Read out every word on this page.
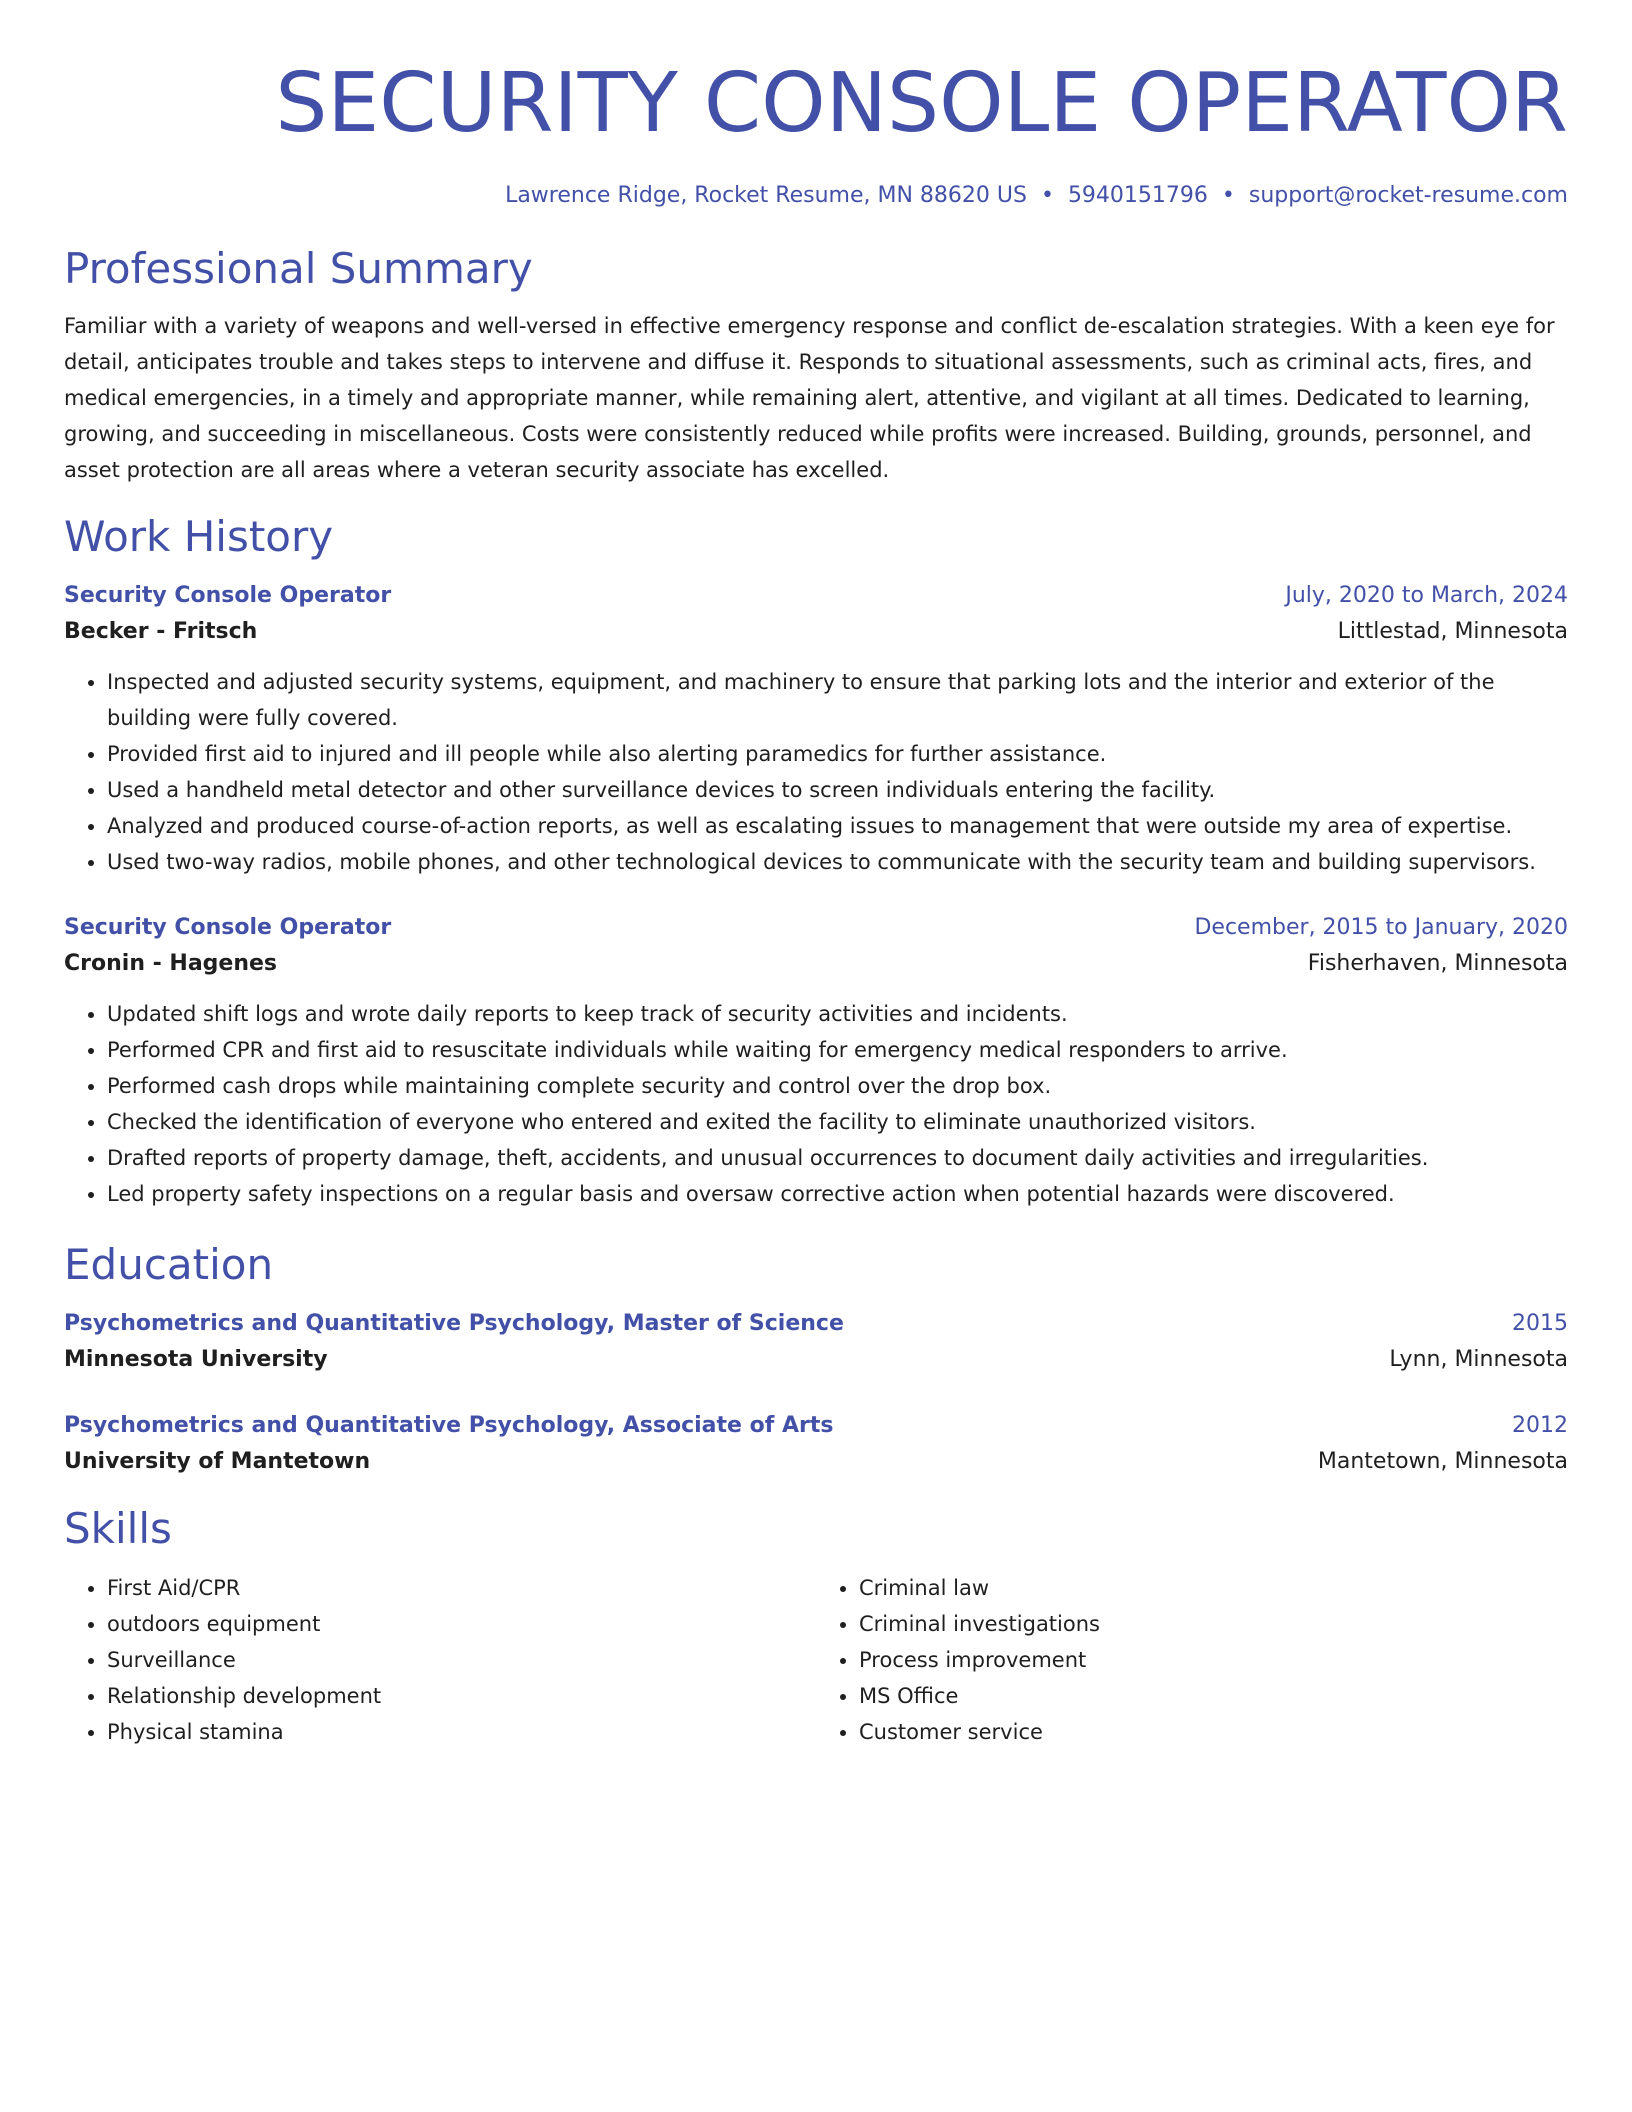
SECURITY CONSOLE OPERATOR
Lawrence Ridge, Rocket Resume, MN 88620 US • 5940151796 • support@rocket-resume.com
Professional Summary

Familiar with a variety of weapons and well-versed in effective emergency response and conflict de-escalation strategies. With a keen eye for detail, anticipates trouble and takes steps to intervene and diffuse it. Responds to situational assessments, such as criminal acts, fires, and medical emergencies, in a timely and appropriate manner, while remaining alert, attentive, and vigilant at all times. Dedicated to learning, growing, and succeeding in miscellaneous. Costs were consistently reduced while profits were increased. Building, grounds, personnel, and asset protection are all areas where a veteran security associate has excelled.

Work History
Security Console Operator	July, 2020 to March, 2024
Becker - Fritsch	Littlestad, Minnesota
• Inspected and adjusted security systems, equipment, and machinery to ensure that parking lots and the interior and exterior of the building were fully covered.
• Provided first aid to injured and ill people while also alerting paramedics for further assistance.
• Used a handheld metal detector and other surveillance devices to screen individuals entering the facility.
• Analyzed and produced course-of-action reports, as well as escalating issues to management that were outside my area of expertise.
• Used two-way radios, mobile phones, and other technological devices to communicate with the security team and building supervisors.
Security Console Operator	December, 2015 to January, 2020
Cronin - Hagenes	Fisherhaven, Minnesota
• Updated shift logs and wrote daily reports to keep track of security activities and incidents.
• Performed CPR and first aid to resuscitate individuals while waiting for emergency medical responders to arrive.
• Performed cash drops while maintaining complete security and control over the drop box.
• Checked the identification of everyone who entered and exited the facility to eliminate unauthorized visitors.
• Drafted reports of property damage, theft, accidents, and unusual occurrences to document daily activities and irregularities.
• Led property safety inspections on a regular basis and oversaw corrective action when potential hazards were discovered.
Education
Psychometrics and Quantitative Psychology, Master of Science	2015
Minnesota University	Lynn, Minnesota
Psychometrics and Quantitative Psychology, Associate of Arts	2012
University of Mantetown	Mantetown, Minnesota
Skills
• First Aid/CPR
• outdoors equipment
• Surveillance
• Relationship development
• Physical stamina
• Criminal law
• Criminal investigations
• Process improvement
• MS Office
• Customer service
